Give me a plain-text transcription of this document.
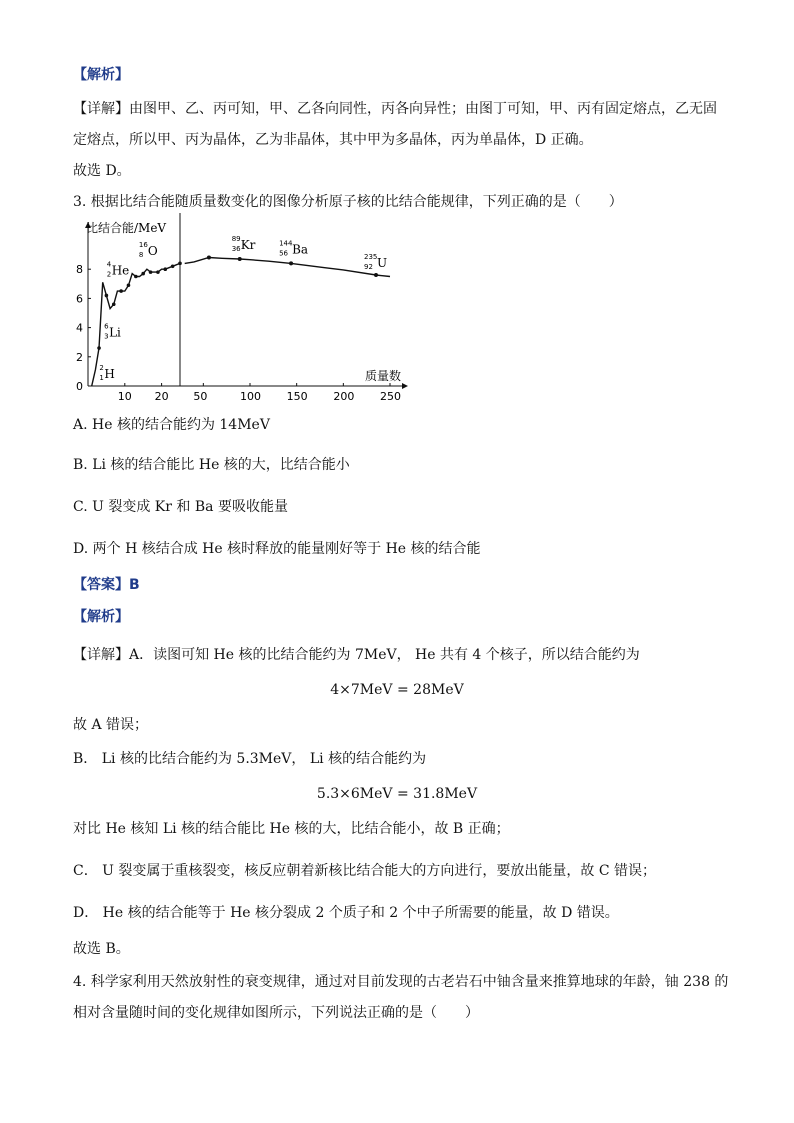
【解析】
【详解】由图甲、乙、丙可知，甲、乙各向同性，丙各向异性；由图丁可知，甲、丙有固定熔点，乙无固
定熔点，所以甲、丙为晶体，乙为非晶体，其中甲为多晶体，丙为单晶体，D 正确。
故选 D。
3. 根据比结合能随质量数变化的图像分析原子核的比结合能规律，下列正确的是（　　）
比结合能/MeV
质量数
0
2
4
6
8
10 20 50	100 150 200 250
4
2 He
16
8 O
89
36 Kr	144
56 Ba
235
92 U
6
3 Li
2
1 H
A. He 核的结合能约为 14MeV
B. Li 核的结合能比 He 核的大，比结合能小
C. U 裂变成 Kr 和 Ba 要吸收能量
D. 两个 H 核结合成 He 核时释放的能量刚好等于 He 核的结合能
【答案】B
【解析】
【详解】A．读图可知 He 核的比结合能约为 7MeV， He 共有 4 个核子，所以结合能约为
4×7MeV = 28MeV
故 A 错误；
B． Li 核的比结合能约为 5.3MeV， Li 核的结合能约为
5.3×6MeV = 31.8MeV
对比 He 核知 Li 核的结合能比 He 核的大，比结合能小，故 B 正确；
C． U 裂变属于重核裂变，核反应朝着新核比结合能大的方向进行，要放出能量，故 C 错误；
D． He 核的结合能等于 He 核分裂成 2 个质子和 2 个中子所需要的能量，故 D 错误。
故选 B。
4. 科学家利用天然放射性的衰变规律，通过对目前发现的古老岩石中铀含量来推算地球的年龄，铀 238 的
相对含量随时间的变化规律如图所示，下列说法正确的是（　　）
